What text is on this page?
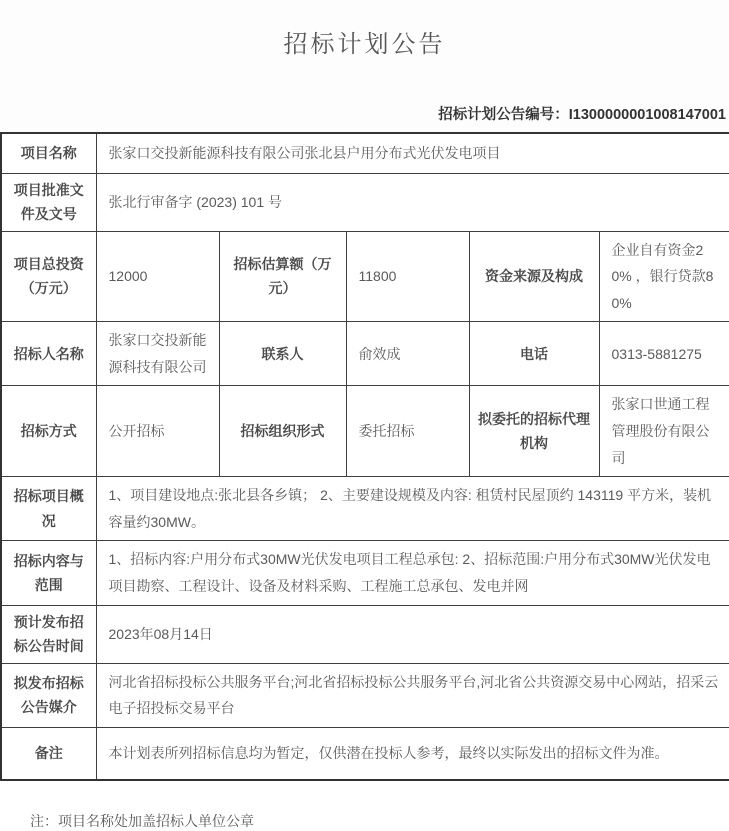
招标计划公告
招标计划公告编号：I1300000001008147001
项目名称	张家口交投新能源科技有限公司张北县户用分布式光伏发电项目				
项目批准文件及文号	张北行审备字 (2023) 101 号				
项目总投资（万元）	12000	招标估算额（万元）	11800	资金来源及构成	企业自有资金20% ，银行贷款80%
招标人名称	张家口交投新能源科技有限公司	联系人	俞效成	电话	0313-5881275
招标方式	公开招标	招标组织形式	委托招标	拟委托的招标代理机构	张家口世通工程管理股份有限公司
招标项目概况	1、项目建设地点:张北县各乡镇； 2、主要建设规模及内容: 租赁村民屋顶约 143119 平方米，装机容量约30MW。				
招标内容与范围	1、招标内容:户用分布式30MW光伏发电项目工程总承包: 2、招标范围:户用分布式30MW光伏发电项目勘察、工程设计、设备及材料采购、工程施工总承包、发电并网				
预计发布招标公告时间	2023年08月14日				
拟发布招标公告媒介	河北省招标投标公共服务平台;河北省招标投标公共服务平台,河北省公共资源交易中心网站，招采云电子招投标交易平台				
备注	本计划表所列招标信息均为暂定，仅供潜在投标人参考，最终以实际发出的招标文件为准。				
注：项目名称处加盖招标人单位公章
